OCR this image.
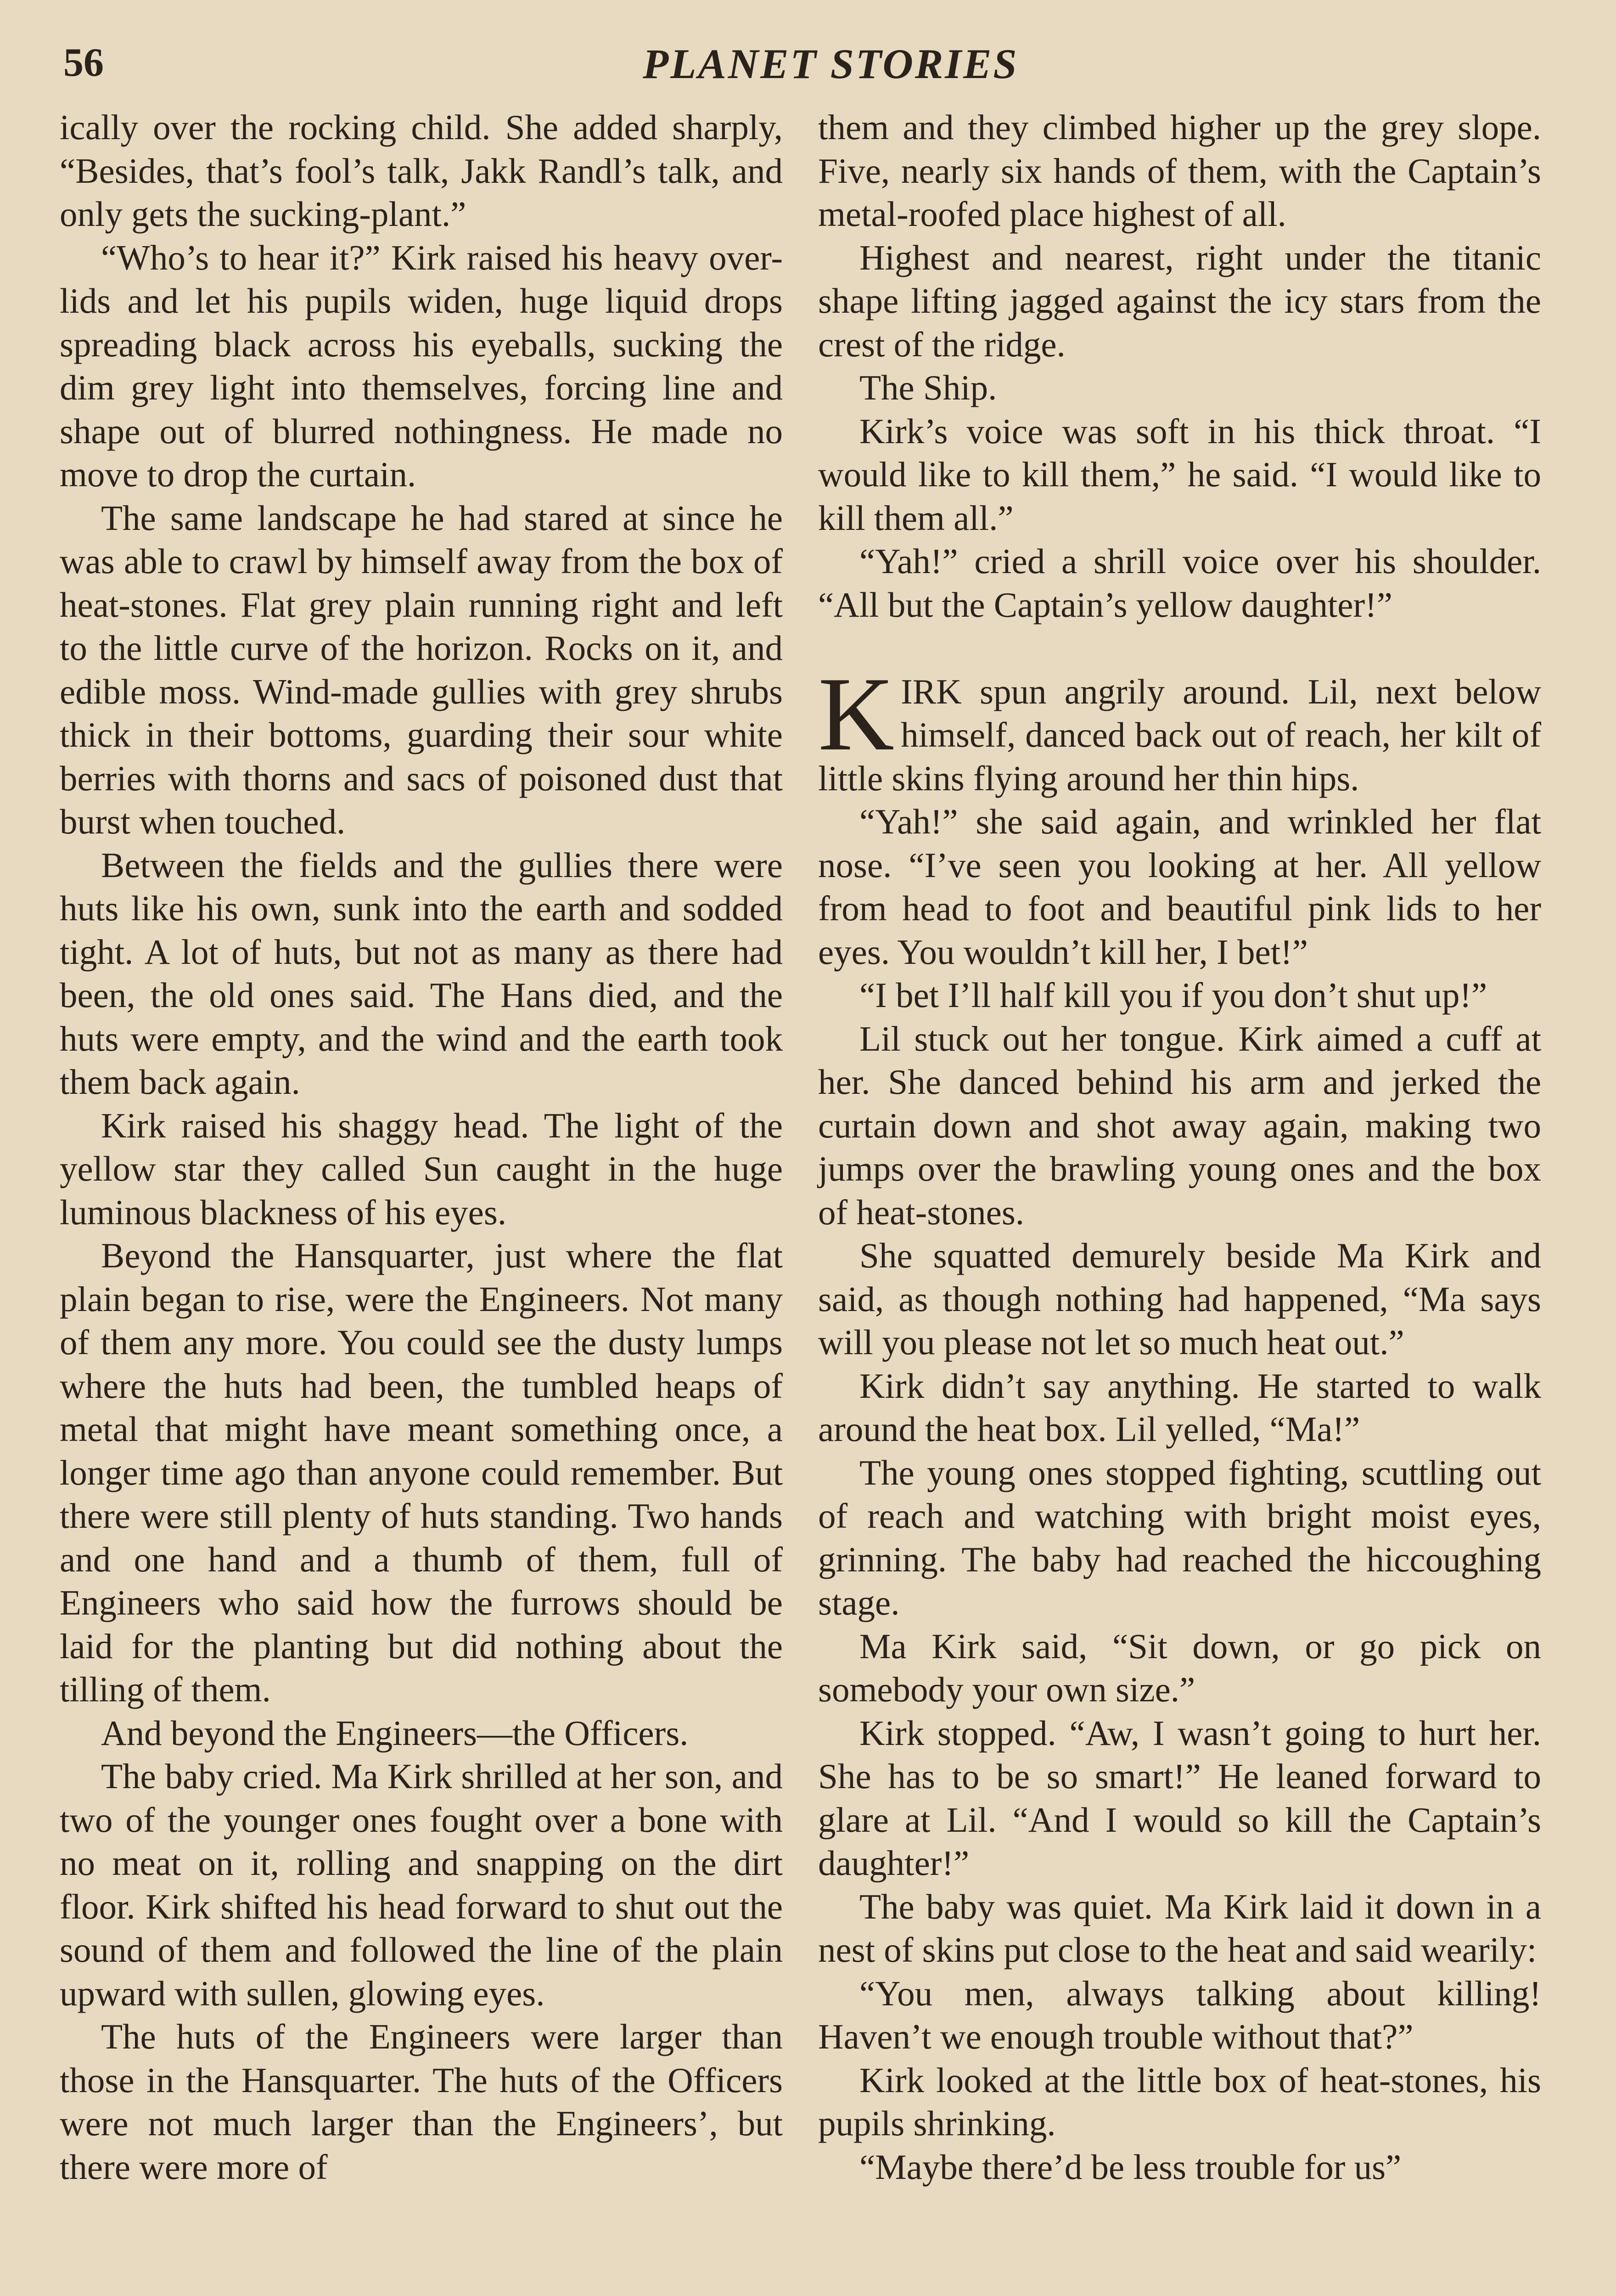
56	PLANET STORIES

ically over the rocking child. She added sharply, “Besides, that’s fool’s talk, Jakk Randl’s talk, and only gets the sucking-plant.”

“Who’s to hear it?” Kirk raised his heavy over-lids and let his pupils widen, huge liquid drops spreading black across his eyeballs, sucking the dim grey light into themselves, forcing line and shape out of blurred nothingness. He made no move to drop the curtain.

The same landscape he had stared at since he was able to crawl by himself away from the box of heat-stones. Flat grey plain running right and left to the little curve of the horizon. Rocks on it, and edible moss. Wind-made gullies with grey shrubs thick in their bottoms, guarding their sour white berries with thorns and sacs of poisoned dust that burst when touched.

Between the fields and the gullies there were huts like his own, sunk into the earth and sodded tight. A lot of huts, but not as many as there had been, the old ones said. The Hans died, and the huts were empty, and the wind and the earth took them back again.

Kirk raised his shaggy head. The light of the yellow star they called Sun caught in the huge luminous blackness of his eyes.

Beyond the Hansquarter, just where the flat plain began to rise, were the Engineers. Not many of them any more. You could see the dusty lumps where the huts had been, the tumbled heaps of metal that might have meant something once, a longer time ago than anyone could remember. But there were still plenty of huts standing. Two hands and one hand and a thumb of them, full of Engineers who said how the furrows should be laid for the planting but did nothing about the tilling of them.

And beyond the Engineers—the Officers.

The baby cried. Ma Kirk shrilled at her son, and two of the younger ones fought over a bone with no meat on it, rolling and snapping on the dirt floor. Kirk shifted his head forward to shut out the sound of them and followed the line of the plain upward with sullen, glowing eyes.

The huts of the Engineers were larger than those in the Hansquarter. The huts of the Officers were not much larger than the Engineers’, but there were more of

them and they climbed higher up the grey slope. Five, nearly six hands of them, with the Captain’s metal-roofed place highest of all.

Highest and nearest, right under the titanic shape lifting jagged against the icy stars from the crest of the ridge.

The Ship.

Kirk’s voice was soft in his thick throat. “I would like to kill them,” he said. “I would like to kill them all.”

“Yah!” cried a shrill voice over his shoulder. “All but the Captain’s yellow daughter!”

KIRK spun angrily around. Lil, next below himself, danced back out of reach, her kilt of little skins flying around her thin hips.

“Yah!” she said again, and wrinkled her flat nose. “I’ve seen you looking at her. All yellow from head to foot and beautiful pink lids to her eyes. You wouldn’t kill her, I bet!”

“I bet I’ll half kill you if you don’t shut up!”

Lil stuck out her tongue. Kirk aimed a cuff at her. She danced behind his arm and jerked the curtain down and shot away again, making two jumps over the brawling young ones and the box of heat-stones.

She squatted demurely beside Ma Kirk and said, as though nothing had happened, “Ma says will you please not let so much heat out.”

Kirk didn’t say anything. He started to walk around the heat box. Lil yelled, “Ma!”

The young ones stopped fighting, scuttling out of reach and watching with bright moist eyes, grinning. The baby had reached the hiccoughing stage.

Ma Kirk said, “Sit down, or go pick on somebody your own size.”

Kirk stopped. “Aw, I wasn’t going to hurt her. She has to be so smart!” He leaned forward to glare at Lil. “And I would so kill the Captain’s daughter!”

The baby was quiet. Ma Kirk laid it down in a nest of skins put close to the heat and said wearily:

“You men, always talking about killing! Haven’t we enough trouble without that?”

Kirk looked at the little box of heat-stones, his pupils shrinking.

“Maybe there’d be less trouble for us”
